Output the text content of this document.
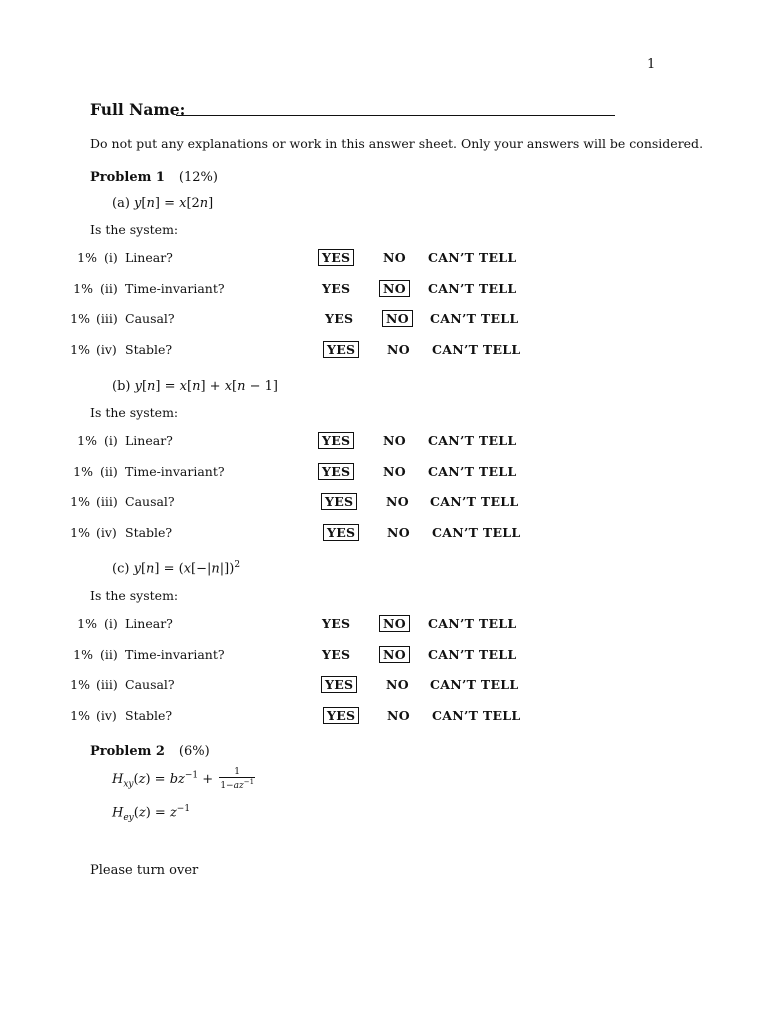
1
Full Name:
Do not put any explanations or work in this answer sheet. Only your answers will be considered.
Problem 1 (12%)
(a) y[n] = x[2n]
Is the system:
1% (i) Linear?	YES	NO CAN’T TELL
1% (ii) Time-invariant?	YES	NO	CAN’T TELL
1% (iii) Causal?	YES	NO	CAN’T TELL
1% (iv) Stable?	YES	NO CAN’T TELL
(b) y[n] = x[n] + x[n − 1]
Is the system:
1% (i) Linear?	YES	NO CAN’T TELL
1% (ii) Time-invariant?	YES	NO CAN’T TELL
1% (iii) Causal?	YES	NO CAN’T TELL
1% (iv) Stable?	YES	NO CAN’T TELL
(c) $y[n] = (x[-|n|])^2$
Is the system:
1% (i) Linear?	YES	NO	CAN’T TELL
1% (ii) Time-invariant?	YES	NO	CAN’T TELL
1% (iii) Causal?	YES	NO CAN’T TELL
1% (iv) Stable?	YES	NO CAN’T TELL
Problem 2 (6%)
$H_{xy}(z) = bz^{-1} + \frac{1}{1-az^{-1}}$
$H_{ey}(z) = z^{-1}$
Please turn over
